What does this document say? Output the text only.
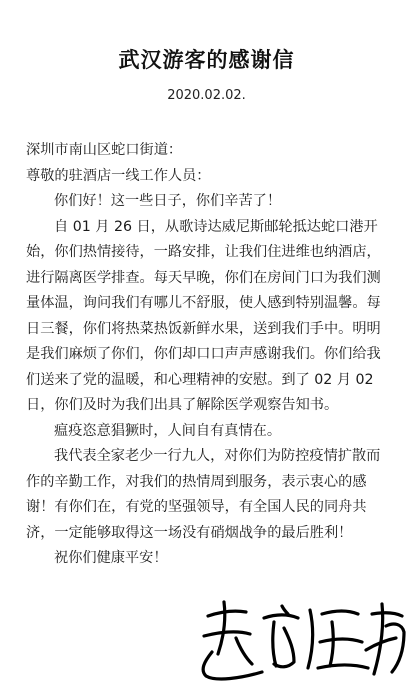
武汉游客的感谢信
2020.02.02.

深圳市南山区蛇口街道：

尊敬的驻酒店一线工作人员：

你们好！这一些日子，你们辛苦了！

自 01 月 26 日，从歌诗达威尼斯邮轮抵达蛇口港开始，你们热情接待，一路安排，让我们住进维也纳酒店，进行隔离医学排查。每天早晚，你们在房间门口为我们测量体温，询问我们有哪儿不舒服，使人感到特别温馨。每日三餐，你们将热菜热饭新鲜水果，送到我们手中。明明是我们麻烦了你们，你们却口口声声感谢我们。你们给我们送来了党的温暖，和心理精神的安慰。到了 02 月 02 日，你们及时为我们出具了解除医学观察告知书。

瘟疫恣意猖獗时，人间自有真情在。

我代表全家老少一行九人，对你们为防控疫情扩散而作的辛勤工作，对我们的热情周到服务，表示衷心的感谢！有你们在，有党的坚强领导，有全国人民的同舟共济，一定能够取得这一场没有硝烟战争的最后胜利！

祝你们健康平安！
